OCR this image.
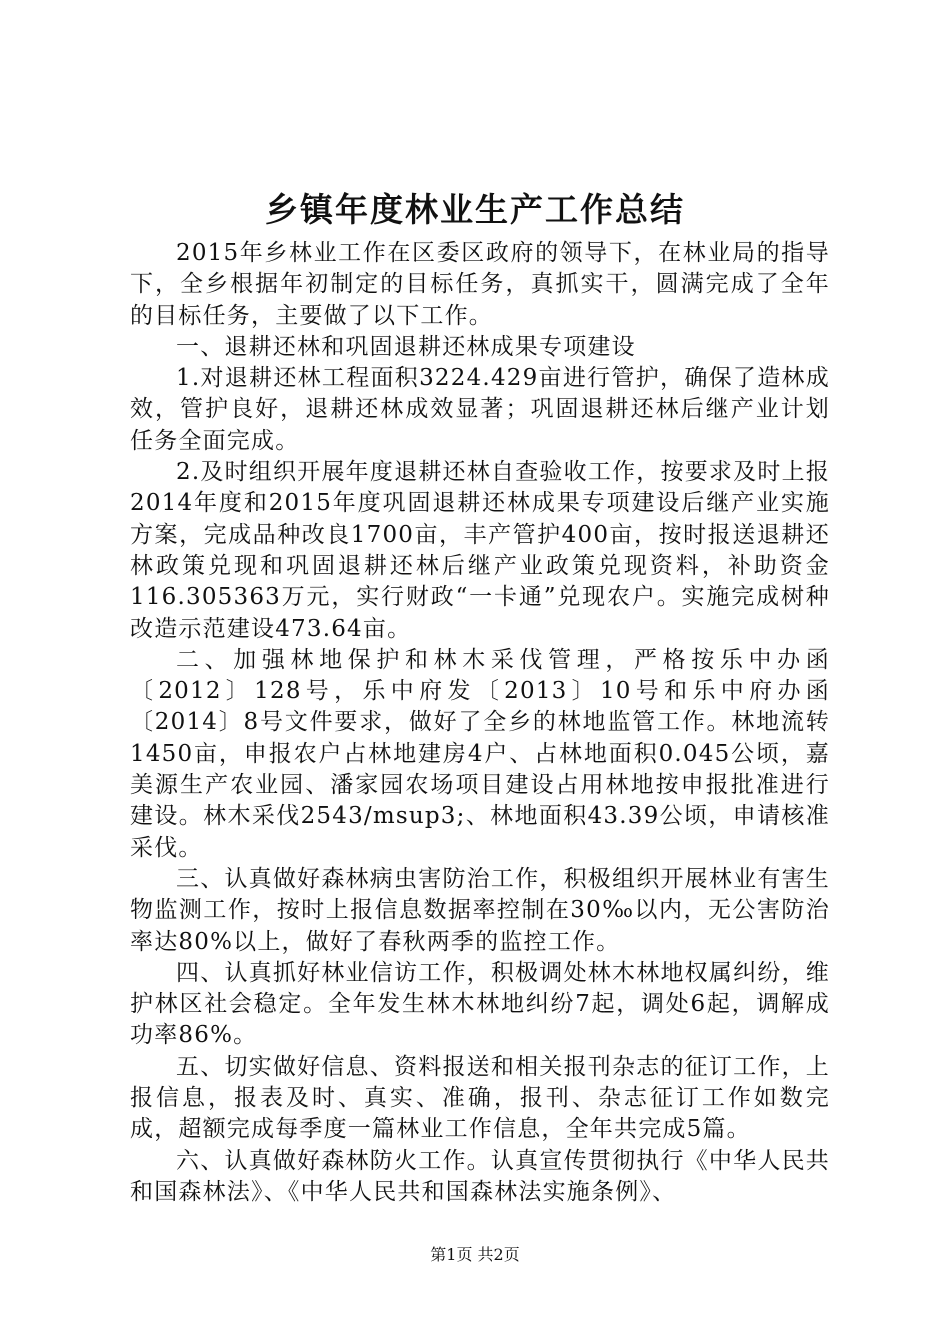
乡镇年度林业生产工作总结

2015年乡林业工作在区委区政府的领导下，在林业局的指导下，全乡根据年初制定的目标任务，真抓实干，圆满完成了全年的目标任务，主要做了以下工作。

一、退耕还林和巩固退耕还林成果专项建设

1.对退耕还林工程面积3224.429亩进行管护，确保了造林成效，管护良好，退耕还林成效显著；巩固退耕还林后继产业计划任务全面完成。

2.及时组织开展年度退耕还林自查验收工作，按要求及时上报2014年度和2015年度巩固退耕还林成果专项建设后继产业实施方案，完成品种改良1700亩，丰产管护400亩，按时报送退耕还林政策兑现和巩固退耕还林后继产业政策兑现资料，补助资金116.305363万元，实行财政“一卡通”兑现农户。实施完成树种改造示范建设473.64亩。

二、加强林地保护和林木采伐管理，严格按乐中办函〔2012〕128号，乐中府发〔2013〕10号和乐中府办函〔2014〕8号文件要求，做好了全乡的林地监管工作。林地流转1450亩，申报农户占林地建房4户、占林地面积0.045公顷，嘉美源生产农业园、潘家园农场项目建设占用林地按申报批准进行建设。林木采伐2543/msup3;、林地面积43.39公顷，申请核准采伐。

三、认真做好森林病虫害防治工作，积极组织开展林业有害生物监测工作，按时上报信息数据率控制在30‰以内，无公害防治率达80%以上，做好了春秋两季的监控工作。

四、认真抓好林业信访工作，积极调处林木林地权属纠纷，维护林区社会稳定。全年发生林木林地纠纷7起，调处6起，调解成功率86%。

五、切实做好信息、资料报送和相关报刊杂志的征订工作，上报信息，报表及时、真实、准确，报刊、杂志征订工作如数完成，超额完成每季度一篇林业工作信息，全年共完成5篇。

六、认真做好森林防火工作。认真宣传贯彻执行《中华人民共和国森林法》、《中华人民共和国森林法实施条例》、

第1页 共2页
